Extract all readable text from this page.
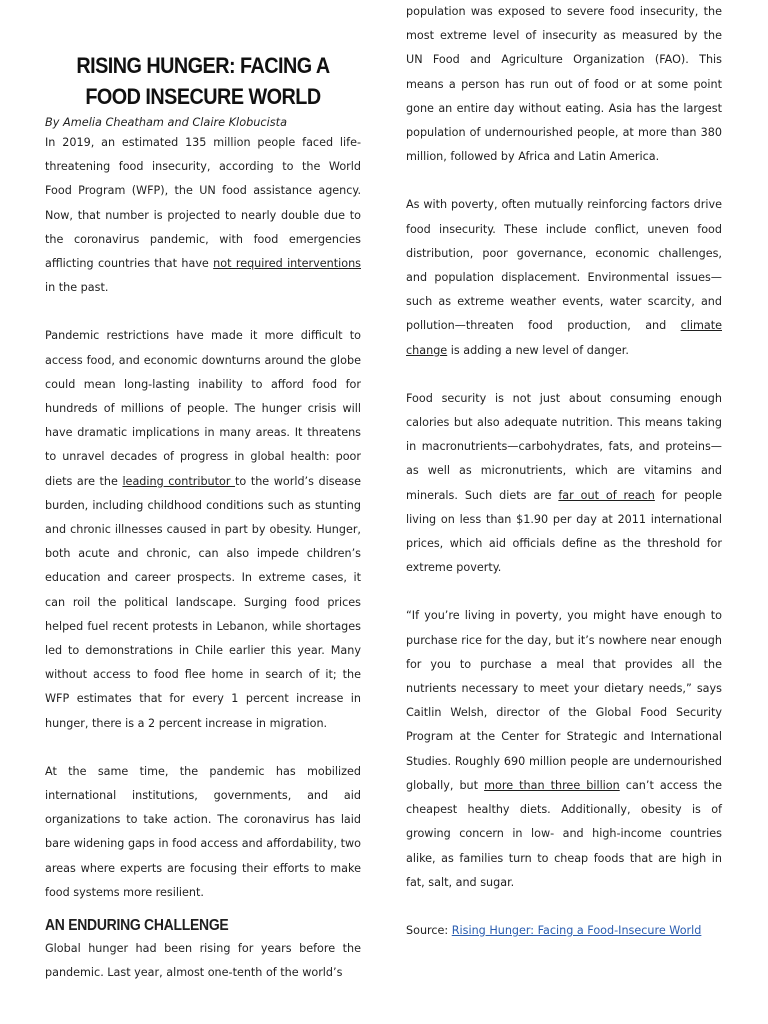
RISING HUNGER: FACING A FOOD INSECURE WORLD
By Amelia Cheatham and Claire Klobucista

In 2019, an estimated 135 million people faced life-threatening food insecurity, according to the World Food Program (WFP), the UN food assistance agency. Now, that number is projected to nearly double due to the coronavirus pandemic, with food emergencies afflicting countries that have not required interventions in the past.

Pandemic restrictions have made it more difficult to access food, and economic downturns around the globe could mean long-lasting inability to afford food for hundreds of millions of people. The hunger crisis will have dramatic implications in many areas. It threatens to unravel decades of progress in global health: poor diets are the leading contributor to the world’s disease burden, including childhood conditions such as stunting and chronic illnesses caused in part by obesity. Hunger, both acute and chronic, can also impede children’s education and career prospects. In extreme cases, it can roil the political landscape. Surging food prices helped fuel recent protests in Lebanon, while shortages led to demonstrations in Chile earlier this year. Many without access to food flee home in search of it; the WFP estimates that for every 1 percent increase in hunger, there is a 2 percent increase in migration.

At the same time, the pandemic has mobilized international institutions, governments, and aid organizations to take action. The coronavirus has laid bare widening gaps in food access and affordability, two areas where experts are focusing their efforts to make food systems more resilient.

AN ENDURING CHALLENGE

Global hunger had been rising for years before the pandemic. Last year, almost one-tenth of the world’s

population was exposed to severe food insecurity, the most extreme level of insecurity as measured by the UN Food and Agriculture Organization (FAO). This means a person has run out of food or at some point gone an entire day without eating. Asia has the largest population of undernourished people, at more than 380 million, followed by Africa and Latin America.

As with poverty, often mutually reinforcing factors drive food insecurity. These include conflict, uneven food distribution, poor governance, economic challenges, and population displacement. Environmental issues—such as extreme weather events, water scarcity, and pollution—threaten food production, and climate change is adding a new level of danger.

Food security is not just about consuming enough calories but also adequate nutrition. This means taking in macronutrients—carbohydrates, fats, and proteins—as well as micronutrients, which are vitamins and minerals. Such diets are far out of reach for people living on less than $1.90 per day at 2011 international prices, which aid officials define as the threshold for extreme poverty.

“If you’re living in poverty, you might have enough to purchase rice for the day, but it’s nowhere near enough for you to purchase a meal that provides all the nutrients necessary to meet your dietary needs,” says Caitlin Welsh, director of the Global Food Security Program at the Center for Strategic and International Studies. Roughly 690 million people are undernourished globally, but more than three billion can’t access the cheapest healthy diets. Additionally, obesity is of growing concern in low- and high-income countries alike, as families turn to cheap foods that are high in fat, salt, and sugar.

Source: Rising Hunger: Facing a Food-Insecure World
